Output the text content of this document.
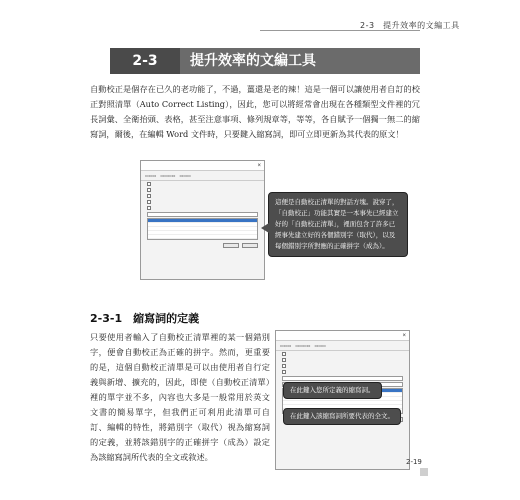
2-3　提升效率的文編工具
2-3	提升效率的文編工具

自動校正是個存在已久的老功能了，不過，薑還是老的辣！這是一個可以讓使用者自訂的校正對照清單（Auto Correct Listing），因此，您可以將經常會出現在各種類型文件裡的冗長詞彙、全衛抬頭、表格，甚至注意事項、條列規章等，等等，各自賦予一個獨一無二的縮寫詞，爾後，在編輯 Word 文件時，只要鍵入縮寫詞，即可立即更新為其代表的原文！

×
▭▭▭ ▭▭▭▭ ▭▭▭
這便是自動校正清單的對話方塊。說穿了，「自動校正」功能其實是一本事先已經建立好的「自動校正清單」，裡面包含了許多已經事先建立好的各個錯別字（取代），以及每個錯別字所對應的正確拼字（成為）。
2-3-1　縮寫詞的定義

只要使用者輸入了自動校正清單裡的某一個錯別字，便會自動校正為正確的拼字。然而，更重要的是，這個自動校正清單是可以由使用者自行定義與新增、擴充的，因此，即使（自動校正清單）裡的單字並不多，內容也大多是一般常用於英文文書的簡易單字，但我們正可利用此清單可自訂、編輯的特性，將錯別字（取代）視為縮寫詞的定義，並將該錯別字的正確拼字（成為）設定為該縮寫詞所代表的全文或敘述。

×
▭▭▭ ▭▭▭▭ ▭▭▭
在此鍵入您所定義的縮寫詞。
在此鍵入該縮寫詞所要代表的全文。
2-19
